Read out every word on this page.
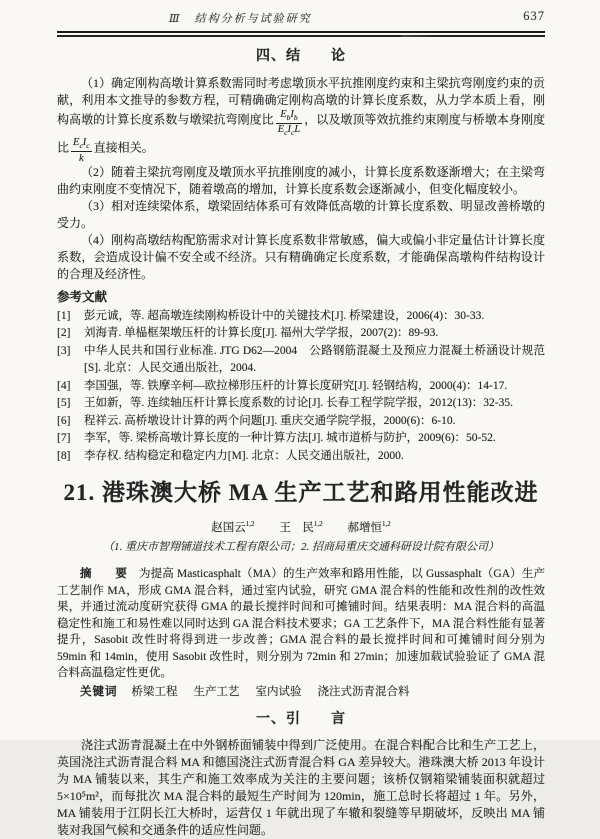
Ⅲ　结构分析与试验研究	637
四、结　　论

（1）确定刚构高墩计算系数需同时考虑墩顶水平抗推刚度约束和主梁抗弯刚度约束的贡献，利用本文推导的参数方程，可精确确定刚构高墩的计算长度系数，从力学本质上看，刚构高墩的计算长度系数与墩梁抗弯刚度比 $\frac{E_bI_b}{E_cI_cL}$ ，以及墩顶等效抗推约束刚度与桥墩本身刚度比 $\frac{E_cI_c}{k}$ 直接相关。

（2）随着主梁抗弯刚度及墩顶水平抗推刚度的减小，计算长度系数逐渐增大；在主梁弯曲约束刚度不变情况下，随着墩高的增加，计算长度系数会逐渐减小，但变化幅度较小。

（3）相对连续梁体系，墩梁固结体系可有效降低高墩的计算长度系数、明显改善桥墩的受力。

（4）刚构高墩结构配筋需求对计算长度系数非常敏感，偏大或偏小非定量估计计算长度系数，会造成设计偏不安全或不经济。只有精确确定长度系数，才能确保高墩构件结构设计的合理及经济性。

参考文献
[1] 彭元诚，等. 超高墩连续刚构桥设计中的关键技术[J]. 桥梁建设，2006(4)：30-33.
[2] 刘海青. 单榀框架墩压杆的计算长度[J]. 福州大学学报，2007(2)：89-93.
[3] 中华人民共和国行业标准. JTG D62—2004　公路钢筋混凝土及预应力混凝土桥涵设计规范[S]. 北京：人民交通出版社，2004.
[4] 李国强，等. 铁摩辛柯—欧拉梯形压杆的计算长度研究[J]. 轻钢结构，2000(4)：14-17.
[5] 王如新，等. 连续轴压杆计算长度系数的讨论[J]. 长春工程学院学报，2012(13)：32-35.
[6] 程祥云. 高桥墩设计计算的两个问题[J]. 重庆交通学院学报，2000(6)：6-10.
[7] 李军，等. 梁桥高墩计算长度的一种计算方法[J]. 城市道桥与防护，2009(6)：50-52.
[8] 李存权. 结构稳定和稳定内力[M]. 北京：人民交通出版社，2000.
21. 港珠澳大桥 MA 生产工艺和路用性能改进
赵国云$^{1,2}$ 王　民$^{1,2}$ 郝增恒$^{1,2}$
（1. 重庆市智翔铺道技术工程有限公司；2. 招商局重庆交通科研设计院有限公司）

摘　要 为提高 Masticasphalt（MA）的生产效率和路用性能，以 Gussasphalt（GA）生产工艺制作 MA，形成 GMA 混合料，通过室内试验，研究 GMA 混合料的性能和改性剂的改性效果，并通过流动度研究获得 GMA 的最长搅拌时间和可摊铺时间。结果表明：MA 混合料的高温稳定性和施工和易性难以同时达到 GA 混合料技术要求；GA 工艺条件下，MA 混合料性能有显著提升，Sasobit 改性时将得到进一步改善；GMA 混合料的最长搅拌时间和可摊铺时间分别为 59min 和 14min，使用 Sasobit 改性时，则分别为 72min 和 27min；加速加载试验验证了 GMA 混合料高温稳定性更优。

关键词 桥梁工程 生产工艺 室内试验 浇注式沥青混合料
一、引　　言

浇注式沥青混凝土在中外钢桥面铺装中得到广泛使用。在混合料配合比和生产工艺上，英国浇注式沥青混合料 MA 和德国浇注式沥青混合料 GA 差异较大。港珠澳大桥 2013 年设计为 MA 铺装以来，其生产和施工效率成为关注的主要问题；该桥仅钢箱梁铺装面积就超过 5×10⁵m²，而每批次 MA 混合料的最短生产时间为 120min，施工总时长将超过 1 年。另外，MA 铺装用于江阴长江大桥时，运营仅 1 年就出现了车辙和裂缝等早期破坏，反映出 MA 铺装对我国气候和交通条件的适应性问题。
